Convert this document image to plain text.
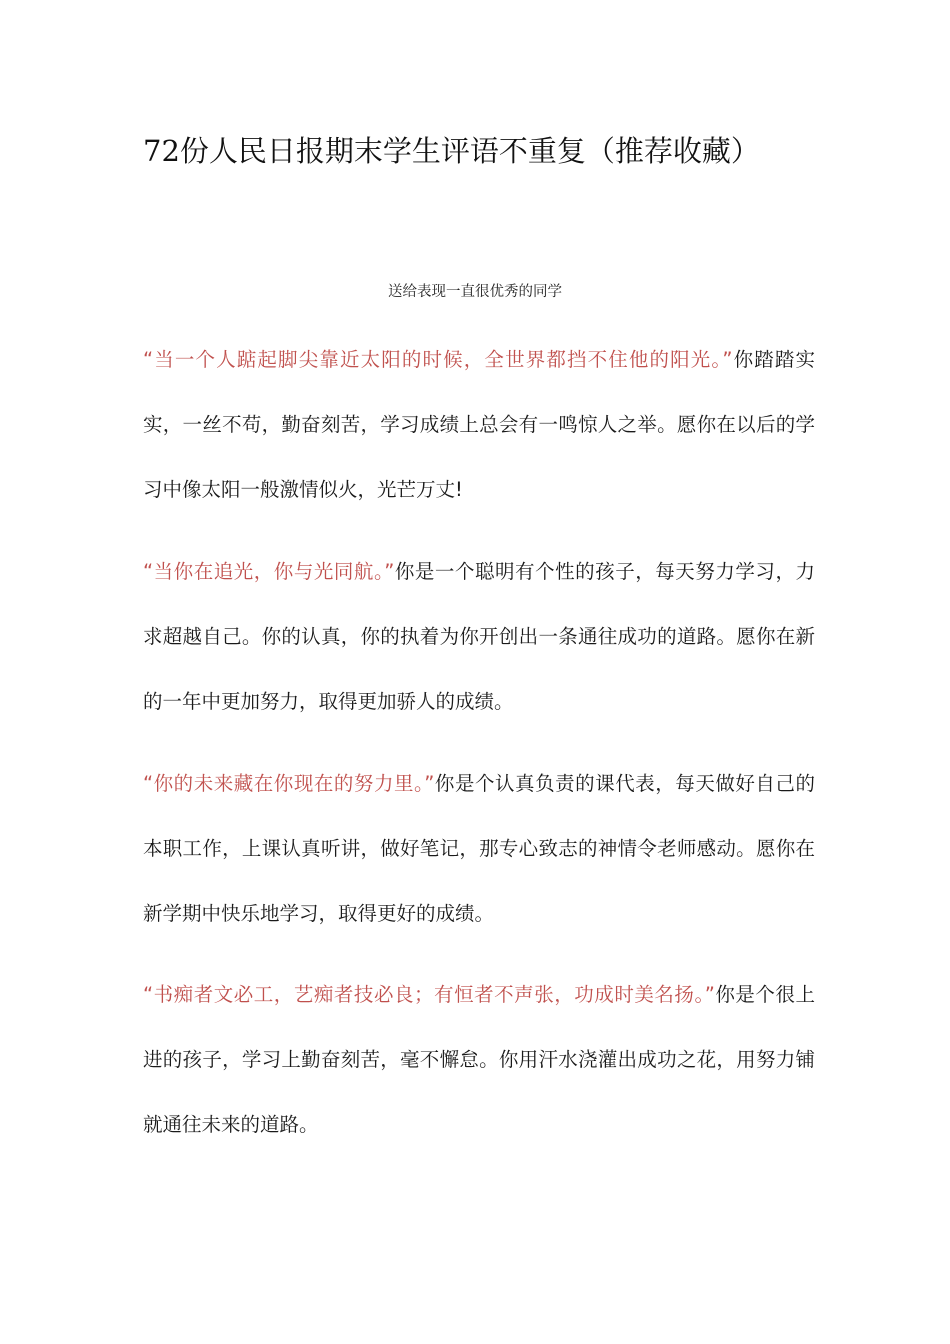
72份人民日报期末学生评语不重复（推荐收藏）
送给表现一直很优秀的同学

“当一个人踮起脚尖靠近太阳的时候，全世界都挡不住他的阳光。”你踏踏实实，一丝不苟，勤奋刻苦，学习成绩上总会有一鸣惊人之举。愿你在以后的学习中像太阳一般激情似火，光芒万丈!

“当你在追光，你与光同航。”你是一个聪明有个性的孩子，每天努力学习，力求超越自己。你的认真，你的执着为你开创出一条通往成功的道路。愿你在新的一年中更加努力，取得更加骄人的成绩。

“你的未来藏在你现在的努力里。”你是个认真负责的课代表，每天做好自己的本职工作，上课认真听讲，做好笔记，那专心致志的神情令老师感动。愿你在新学期中快乐地学习，取得更好的成绩。

“书痴者文必工，艺痴者技必良；有恒者不声张，功成时美名扬。”你是个很上进的孩子，学习上勤奋刻苦，毫不懈怠。你用汗水浇灌出成功之花，用努力铺就通往未来的道路。
